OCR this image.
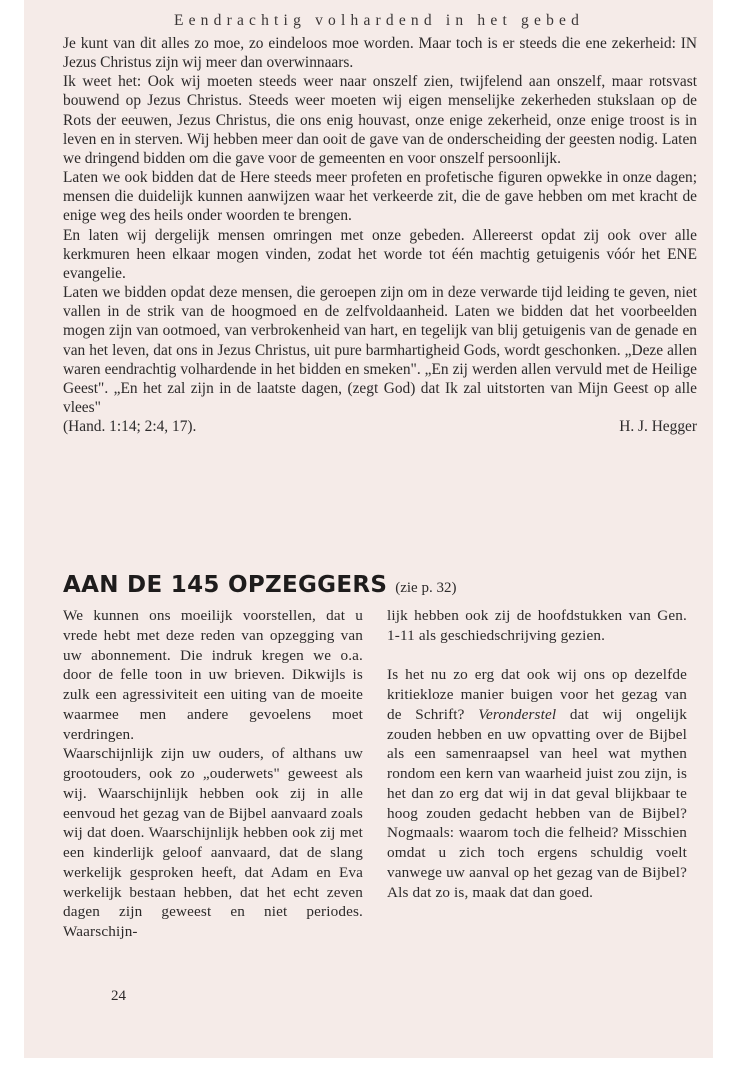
Eendrachtig volhardend in het gebed

Je kunt van dit alles zo moe, zo eindeloos moe worden. Maar toch is er steeds die ene zekerheid: IN Jezus Christus zijn wij meer dan overwinnaars.

Ik weet het: Ook wij moeten steeds weer naar onszelf zien, twijfelend aan onszelf, maar rotsvast bouwend op Jezus Christus. Steeds weer moeten wij eigen menselijke zekerheden stukslaan op de Rots der eeuwen, Jezus Christus, die ons enig houvast, onze enige zekerheid, onze enige troost is in leven en in sterven. Wij hebben meer dan ooit de gave van de onderscheiding der geesten nodig. Laten we dringend bidden om die gave voor de gemeenten en voor onszelf persoonlijk.

Laten we ook bidden dat de Here steeds meer profeten en profetische figuren opwekke in onze dagen; mensen die duidelijk kunnen aanwijzen waar het verkeerde zit, die de gave hebben om met kracht de enige weg des heils onder woorden te brengen.

En laten wij dergelijk mensen omringen met onze gebeden. Allereerst opdat zij ook over alle kerkmuren heen elkaar mogen vinden, zodat het worde tot één machtig getuigenis vóór het ENE evangelie.

Laten we bidden opdat deze mensen, die geroepen zijn om in deze verwarde tijd leiding te geven, niet vallen in de strik van de hoogmoed en de zelfvoldaanheid. Laten we bidden dat het voorbeelden mogen zijn van ootmoed, van verbrokenheid van hart, en tegelijk van blij getuigenis van de genade en van het leven, dat ons in Jezus Christus, uit pure barmhartigheid Gods, wordt geschonken. „Deze allen waren eendrachtig volhardende in het bidden en smeken". „En zij werden allen vervuld met de Heilige Geest". „En het zal zijn in de laatste dagen, (zegt God) dat Ik zal uitstorten van Mijn Geest op alle vlees"

(Hand. 1:14; 2:4, 17).	H. J. Hegger
AAN DE 145 OPZEGGERS (zie p. 32)

We kunnen ons moeilijk voorstellen, dat u vrede hebt met deze reden van opzegging van uw abonnement. Die indruk kregen we o.a. door de felle toon in uw brieven. Dikwijls is zulk een agressiviteit een uiting van de moeite waarmee men andere gevoelens moet verdringen.

Waarschijnlijk zijn uw ouders, of althans uw grootouders, ook zo „ouderwets" geweest als wij. Waarschijnlijk hebben ook zij in alle eenvoud het gezag van de Bijbel aanvaard zoals wij dat doen. Waarschijnlijk hebben ook zij met een kinderlijk geloof aanvaard, dat de slang werkelijk gesproken heeft, dat Adam en Eva werkelijk bestaan hebben, dat het echt zeven dagen zijn geweest en niet periodes. Waarschijn-

lijk hebben ook zij de hoofdstukken van Gen. 1-11 als geschiedschrijving gezien.

Is het nu zo erg dat ook wij ons op dezelfde kritiekloze manier buigen voor het gezag van de Schrift? Veronderstel dat wij ongelijk zouden hebben en uw opvatting over de Bijbel als een samenraapsel van heel wat mythen rondom een kern van waarheid juist zou zijn, is het dan zo erg dat wij in dat geval blijkbaar te hoog zouden gedacht hebben van de Bijbel? Nogmaals: waarom toch die felheid? Misschien omdat u zich toch ergens schuldig voelt vanwege uw aanval op het gezag van de Bijbel? Als dat zo is, maak dat dan goed.

24
